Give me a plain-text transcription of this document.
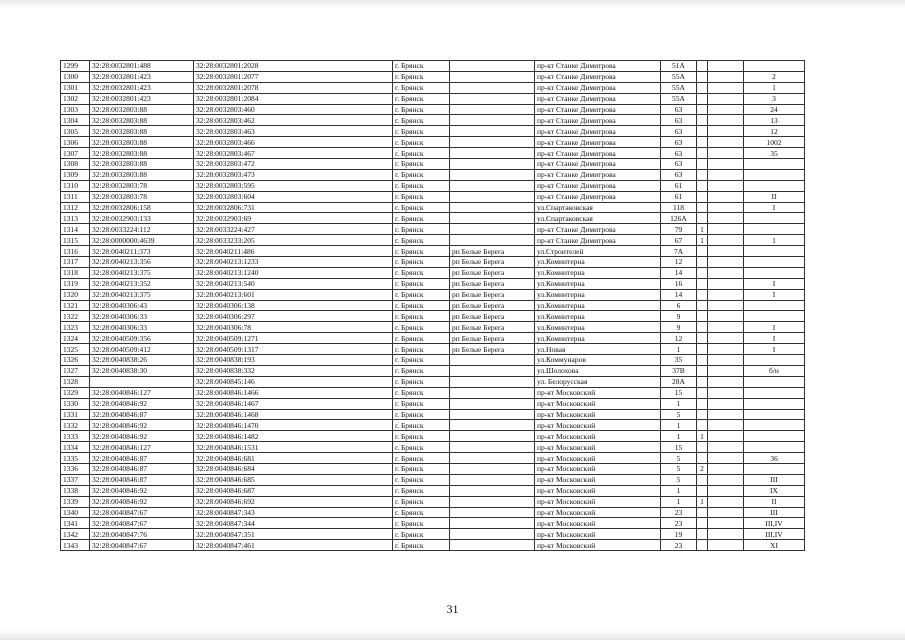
1299	32:28:0032801:488	32:28:0032801:2028	г. Брянск		пр-кт Станке Димитрова	51А			
1300	32:28:0032801:423	32:28:0032801:2077	г. Брянск		пр-кт Станке Димитрова	55А			2
1301	32:28:0032801:423	32:28:0032801:2078	г. Брянск		пр-кт Станке Димитрова	55А			1
1302	32:28:0032801:423	32:28:0032801:2084	г. Брянск		пр-кт Станке Димитрова	55А			3
1303	32:28:0032803:88	32:28:0032803:460	г. Брянск		пр-кт Станке Димитрова	63			24
1304	32:28:0032803:88	32:28:0032803:462	г. Брянск		пр-кт Станке Димитрова	63			13
1305	32:28:0032803:88	32:28:0032803:463	г. Брянск		пр-кт Станке Димитрова	63			12
1306	32:28:0032803:88	32:28:0032803:466	г. Брянск		пр-кт Станке Димитрова	63			1002
1307	32:28:0032803:88	32:28:0032803:467	г. Брянск		пр-кт Станке Димитрова	63			35
1308	32:28:0032803:88	32:28:0032803:472	г. Брянск		пр-кт Станке Димитрова	63			
1309	32:28:0032803:88	32:28:0032803:473	г. Брянск		пр-кт Станке Димитрова	63			
1310	32:28:0032803:78	32:28:0032803:595	г. Брянск		пр-кт Станке Димитрова	61			
1311	32:28:0032803:78	32:28:0032803:604	г. Брянск		пр-кт Станке Димитрова	61			II
1312	32:28:0032806:158	32:28:0032806:731	г. Брянск		ул.Спартаковская	118			I
1313	32:28:0032903:133	32:28:0032903:69	г. Брянск		ул.Спартаковская	126А			
1314	32:28:0033224:112	32:28:0033224:427	г. Брянск		пр-кт Станке Димитрова	79	1		
1315	32:28:0000000:4639	32:28:0033233:205	г. Брянск		пр-кт Станке Димитрова	67	1		1
1316	32:28:0040211:373	32:28:0040211:486	г. Брянск	рп Белые Берега	ул.Строителей	7А			
1317	32:28:0040213:356	32:28:0040213:1233	г. Брянск	рп Белые Берега	ул.Коминтерна	12			
1318	32:28:0040213:375	32:28:0040213:1240	г. Брянск	рп Белые Берега	ул.Коминтерна	14			
1319	32:28:0040213:352	32:28:0040213:540	г. Брянск	рп Белые Берега	ул.Коминтерна	16			I
1320	32:28:0040213:375	32:28:0040213:601	г. Брянск	рп Белые Берега	ул.Коминтерна	14			I
1321	32:28:0040306:43	32:28:0040306:138	г. Брянск	рп Белые Берега	ул.Коминтерна	6			
1322	32:28:0040306:33	32:28:0040306:297	г. Брянск	рп Белые Берега	ул.Коминтерна	9			
1323	32:28:0040306:33	32:28:0040306:78	г. Брянск	рп Белые Берега	ул.Коминтерна	9			I
1324	32:28:0040509:356	32:28:0040509:1271	г. Брянск	рп Белые Берега	ул.Коминтерна	12			I
1325	32:28:0040509:412	32:28:0040509:1317	г. Брянск	рп Белые Берега	ул.Новая	1			I
1326	32:28:0040838:26	32:28:0040838:193	г. Брянск		ул.Коммунаров	35			
1327	32:28:0040838:30	32:28:0040838:332	г. Брянск		ул.Шолохова	37В			б/н
1328		32:28:0040845:146	г. Брянск		ул. Белорусская	28А			
1329	32:28:0040846:127	32:28:0040846:1466	г. Брянск		пр-кт Московский	15			
1330	32:28:0040846:92	32:28:0040846:1467	г. Брянск		пр-кт Московский	1			
1331	32:28:0040846:87	32:28:0040846:1468	г. Брянск		пр-кт Московский	5			
1332	32:28:0040846:92	32:28:0040846:1470	г. Брянск		пр-кт Московский	1			
1333	32:28:0040846:92	32:28:0040846:1482	г. Брянск		пр-кт Московский	1	1		
1334	32:28:0040846:127	32:28:0040846:1531	г. Брянск		пр-кт Московский	15			
1335	32:28:0040846:87	32:28:0040846:681	г. Брянск		пр-кт Московский	5			36
1336	32:28:0040846:87	32:28:0040846:684	г. Брянск		пр-кт Московский	5	2		
1337	32:28:0040846:87	32:28:0040846:685	г. Брянск		пр-кт Московский	5			III
1338	32:28:0040846:92	32:28:0040846:687	г. Брянск		пр-кт Московский	1			IX
1339	32:28:0040846:92	32:28:0040846:692	г. Брянск		пр-кт Московский	1	1		II
1340	32:28:0040847:67	32:28:0040847:343	г. Брянск		пр-кт Московский	23			III
1341	32:28:0040847:67	32:28:0040847:344	г. Брянск		пр-кт Московский	23			III,IV
1342	32:28:0040847:76	32:28:0040847:351	г. Брянск		пр-кт Московский	19			III,IV
1343	32:28:0040847:67	32:28:0040847:461	г. Брянск		пр-кт Московский	23			XI
31
